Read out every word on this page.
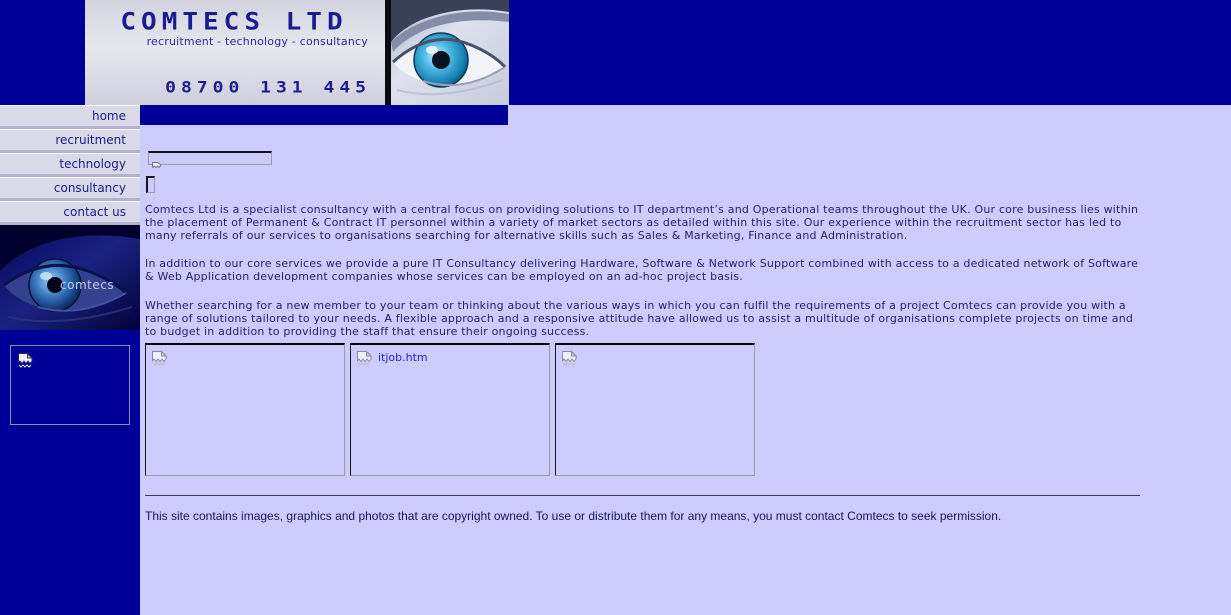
COMTECS LTD
recruitment - technology - consultancy
08700 131 445
home
recruitment
technology
consultancy
contact us
comtecs

Comtecs Ltd is a specialist consultancy with a central focus on providing solutions to IT department’s and Operational teams throughout the UK. Our core business lies within the placement of Permanent & Contract IT personnel within a variety of market sectors as detailed within this site. Our experience within the recruitment sector has led to many referrals of our services to organisations searching for alternative skills such as Sales & Marketing, Finance and Administration.

In addition to our core services we provide a pure IT Consultancy delivering Hardware, Software & Network Support combined with access to a dedicated network of Software & Web Application development companies whose services can be employed on an ad-hoc project basis.

Whether searching for a new member to your team or thinking about the various ways in which you can fulfil the requirements of a project Comtecs can provide you with a range of solutions tailored to your needs. A flexible approach and a responsive attitude have allowed us to assist a multitude of organisations complete projects on time and to budget in addition to providing the staff that ensure their ongoing success.

itjob.htm
This site contains images, graphics and photos that are copyright owned. To use or distribute them for any means, you must contact Comtecs to seek permission.
